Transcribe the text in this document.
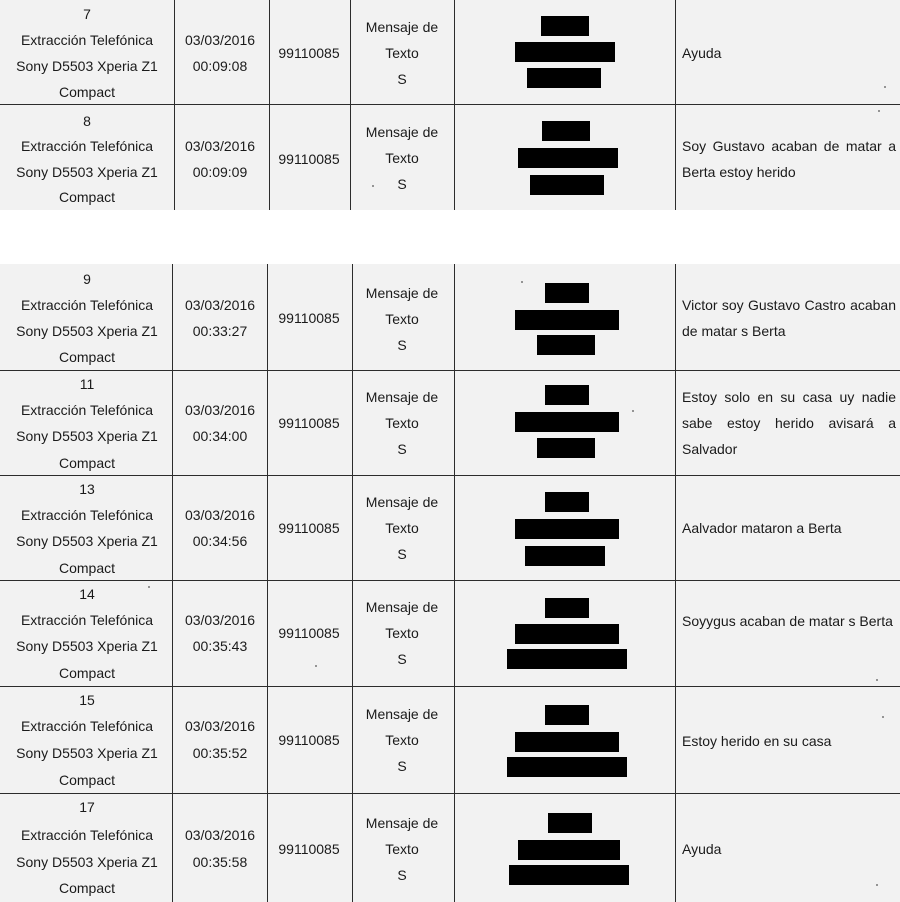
7
Extracción Telefónica
Sony D5503 Xperia Z1
Compact
03/03/2016
00:09:08
99110085
Mensaje de
Texto
S
Ayuda
8
Extracción Telefónica
Sony D5503 Xperia Z1
Compact
03/03/2016
00:09:09
99110085
Mensaje de
Texto
S
Soy Gustavo acaban de matar a Berta estoy herido
9
Extracción Telefónica
Sony D5503 Xperia Z1
Compact
03/03/2016
00:33:27
99110085
Mensaje de
Texto
S
Victor soy Gustavo Castro acaban de matar s Berta
11
Extracción Telefónica
Sony D5503 Xperia Z1
Compact
03/03/2016
00:34:00
99110085
Mensaje de
Texto
S
Estoy solo en su casa uy nadie sabe estoy herido avisará a Salvador
13
Extracción Telefónica
Sony D5503 Xperia Z1
Compact
03/03/2016
00:34:56
99110085
Mensaje de
Texto
S
Aalvador mataron a Berta
14
Extracción Telefónica
Sony D5503 Xperia Z1
Compact
03/03/2016
00:35:43
99110085
Mensaje de
Texto
S
Soyygus acaban de matar s Berta
15
Extracción Telefónica
Sony D5503 Xperia Z1
Compact
03/03/2016
00:35:52
99110085
Mensaje de
Texto
S
Estoy herido en su casa
17
Extracción Telefónica
Sony D5503 Xperia Z1
Compact
03/03/2016
00:35:58
99110085
Mensaje de
Texto
S
Ayuda
